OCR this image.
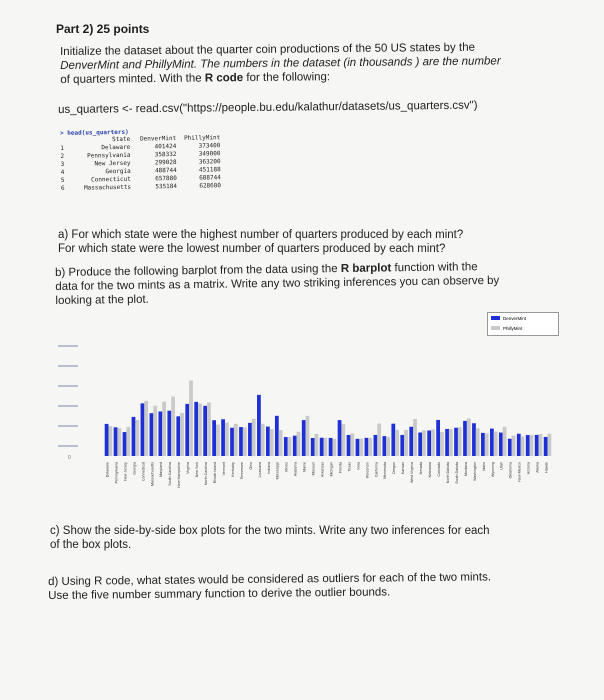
Part 2) 25 points
Initialize the dataset about the quarter coin productions of the 50 US states by the
DenverMint and PhillyMint. The numbers in the dataset (in thousands ) are the number
of quarters minted. With the R code for the following:
us_quarters <- read.csv("https://people.bu.edu/kalathur/datasets/us_quarters.csv")
> head(us_quarters)
State	DenverMint	PhillyMint
1	Delaware	401424	373400
2	Pennsylvania	358332	349000
3	New Jersey	299028	363200
4	Georgia	488744	451188
5	Connecticut	657880	688744
6	Massachusetts	535184	628600
a) For which state were the highest number of quarters produced by each mint?
For which state were the lowest number of quarters produced by each mint?
b) Produce the following barplot from the data using the R barplot function with the
data for the two mints as a matrix. Write any two striking inferences you can observe by
looking at the plot.
0
Delaware Pennsylvania New Jersey Georgia Connecticut Massachusetts Maryland South Carolina New Hampshire Virginia New York North Carolina Rhode Island Vermont Kentucky Tennessee Ohio Louisiana Indiana Mississippi Illinois Alabama Maine Missouri Arkansas Michigan Florida Texas Iowa Wisconsin California Minnesota Oregon Kansas West Virginia Nevada Nebraska Colorado North Dakota South Dakota Montana Washington Idaho Wyoming Utah Oklahoma New Mexico Arizona Alaska Hawaii
DenverMint
PhillyMint
c) Show the side-by-side box plots for the two mints. Write any two inferences for each
of the box plots.
d) Using R code, what states would be considered as outliers for each of the two mints.
Use the five number summary function to derive the outlier bounds.
